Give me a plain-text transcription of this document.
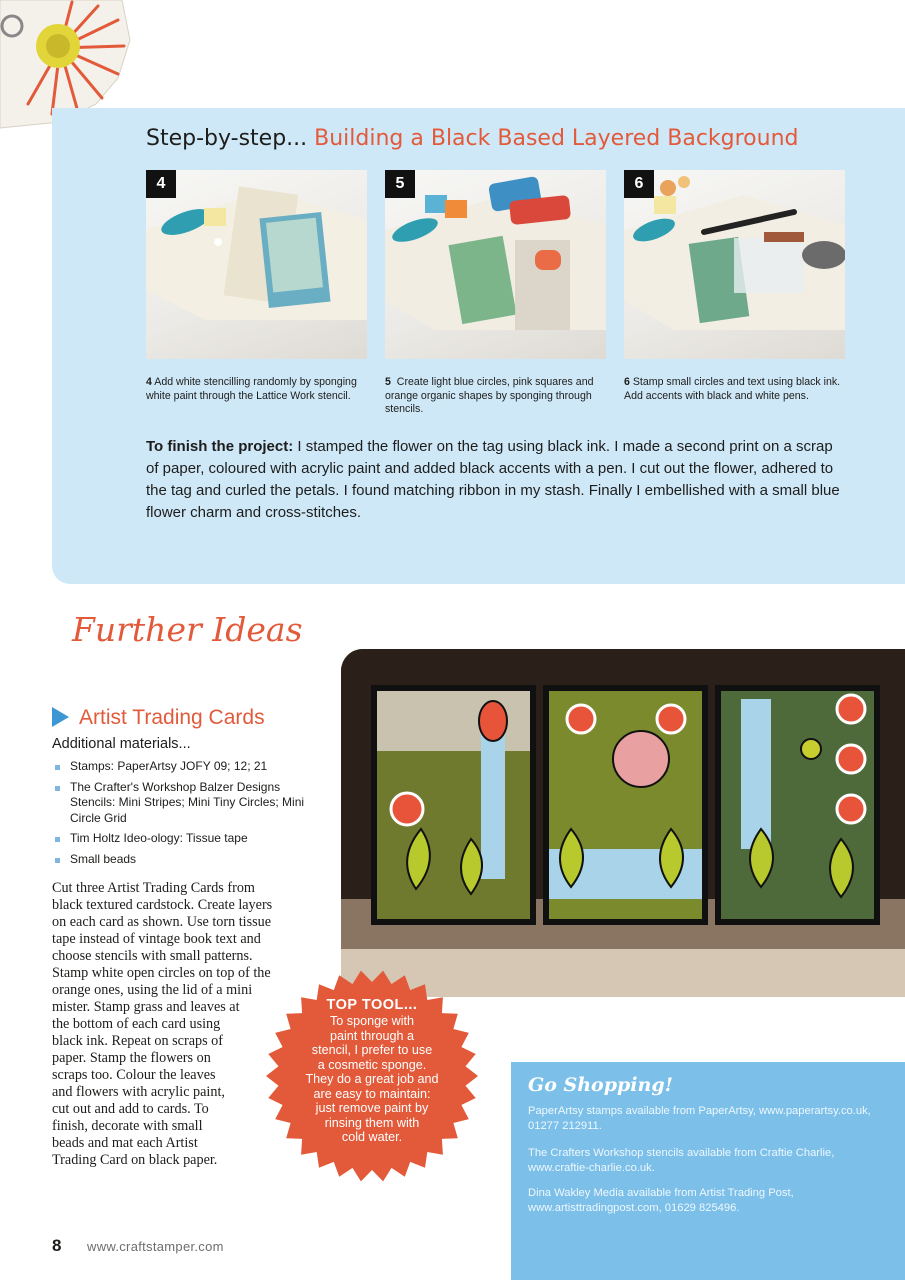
Step-by-step... Building a Black Based Layered Background
4	5	6
4 Add white stencilling randomly by sponging white paint through the Lattice Work stencil.
5 Create light blue circles, pink squares and orange organic shapes by sponging through stencils.
6 Stamp small circles and text using black ink. Add accents with black and white pens.
To finish the project: I stamped the flower on the tag using black ink. I made a second print on a scrap of paper, coloured with acrylic paint and added black accents with a pen. I cut out the flower, adhered to the tag and curled the petals. I found matching ribbon in my stash. Finally I embellished with a small blue flower charm and cross-stitches.
Further Ideas
Artist Trading Cards
Additional materials...
Stamps: PaperArtsy JOFY 09; 12; 21
The Crafter's Workshop Balzer Designs Stencils: Mini Stripes; Mini Tiny Circles; Mini Circle Grid
Tim Holtz Ideo-ology: Tissue tape
Small beads
Cut three Artist Trading Cards from
black textured cardstock. Create layers
on each card as shown. Use torn tissue
tape instead of vintage book text and
choose stencils with small patterns.
Stamp white open circles on top of the
orange ones, using the lid of a mini
mister. Stamp grass and leaves at
the bottom of each card using
black ink. Repeat on scraps of
paper. Stamp the flowers on
scraps too. Colour the leaves
and flowers with acrylic paint,
cut out and add to cards. To
finish, decorate with small
beads and mat each Artist
Trading Card on black paper.
TOP TOOL...
To sponge with
paint through a
stencil, I prefer to use
a cosmetic sponge.
They do a great job and
are easy to maintain:
just remove paint by
rinsing them with
cold water.
Go Shopping!
PaperArtsy stamps available from PaperArtsy, www.paperartsy.co.uk, 01277 212911.
The Crafters Workshop stencils available from Craftie Charlie, www.craftie-charlie.co.uk.
Dina Wakley Media available from Artist Trading Post, www.artisttradingpost.com, 01629 825496.
8 www.craftstamper.com
